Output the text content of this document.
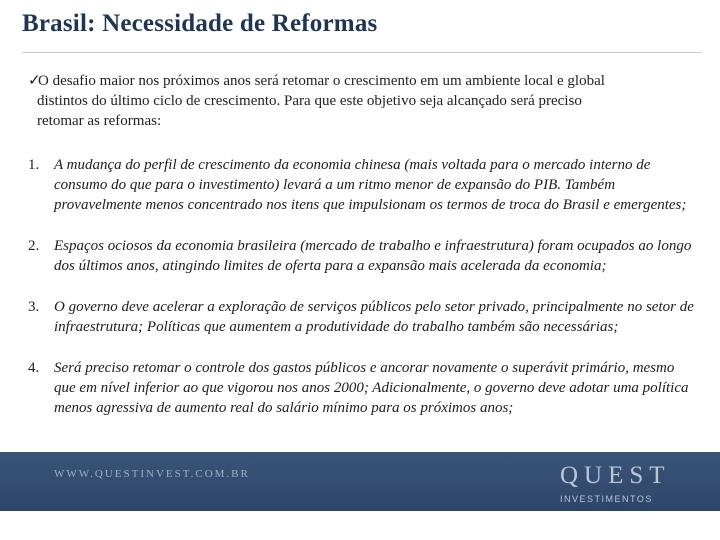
Brasil: Necessidade de Reformas
✓O desafio maior nos próximos anos será retomar o crescimento em um ambiente local e global
distintos do último ciclo de crescimento. Para que este objetivo seja alcançado será preciso
retomar as reformas:
WWW.QUESTINVEST.COM.BR	QUEST
INVESTIMENTOS
1. A mudança do perfil de crescimento da economia chinesa (mais voltada para o mercado interno de consumo do que para o investimento) levará a um ritmo menor de expansão do PIB. Também provavelmente menos concentrado nos itens que impulsionam os termos de troca do Brasil e emergentes;
2. Espaços ociosos da economia brasileira (mercado de trabalho e infraestrutura) foram ocupados ao longo dos últimos anos, atingindo limites de oferta para a expansão mais acelerada da economia;
3. O governo deve acelerar a exploração de serviços públicos pelo setor privado, principalmente no setor de infraestrutura; Políticas que aumentem a produtividade do trabalho também são necessárias;
4. Será preciso retomar o controle dos gastos públicos e ancorar novamente o superávit primário, mesmo que em nível inferior ao que vigorou nos anos 2000; Adicionalmente, o governo deve adotar uma política menos agressiva de aumento real do salário mínimo para os próximos anos;
